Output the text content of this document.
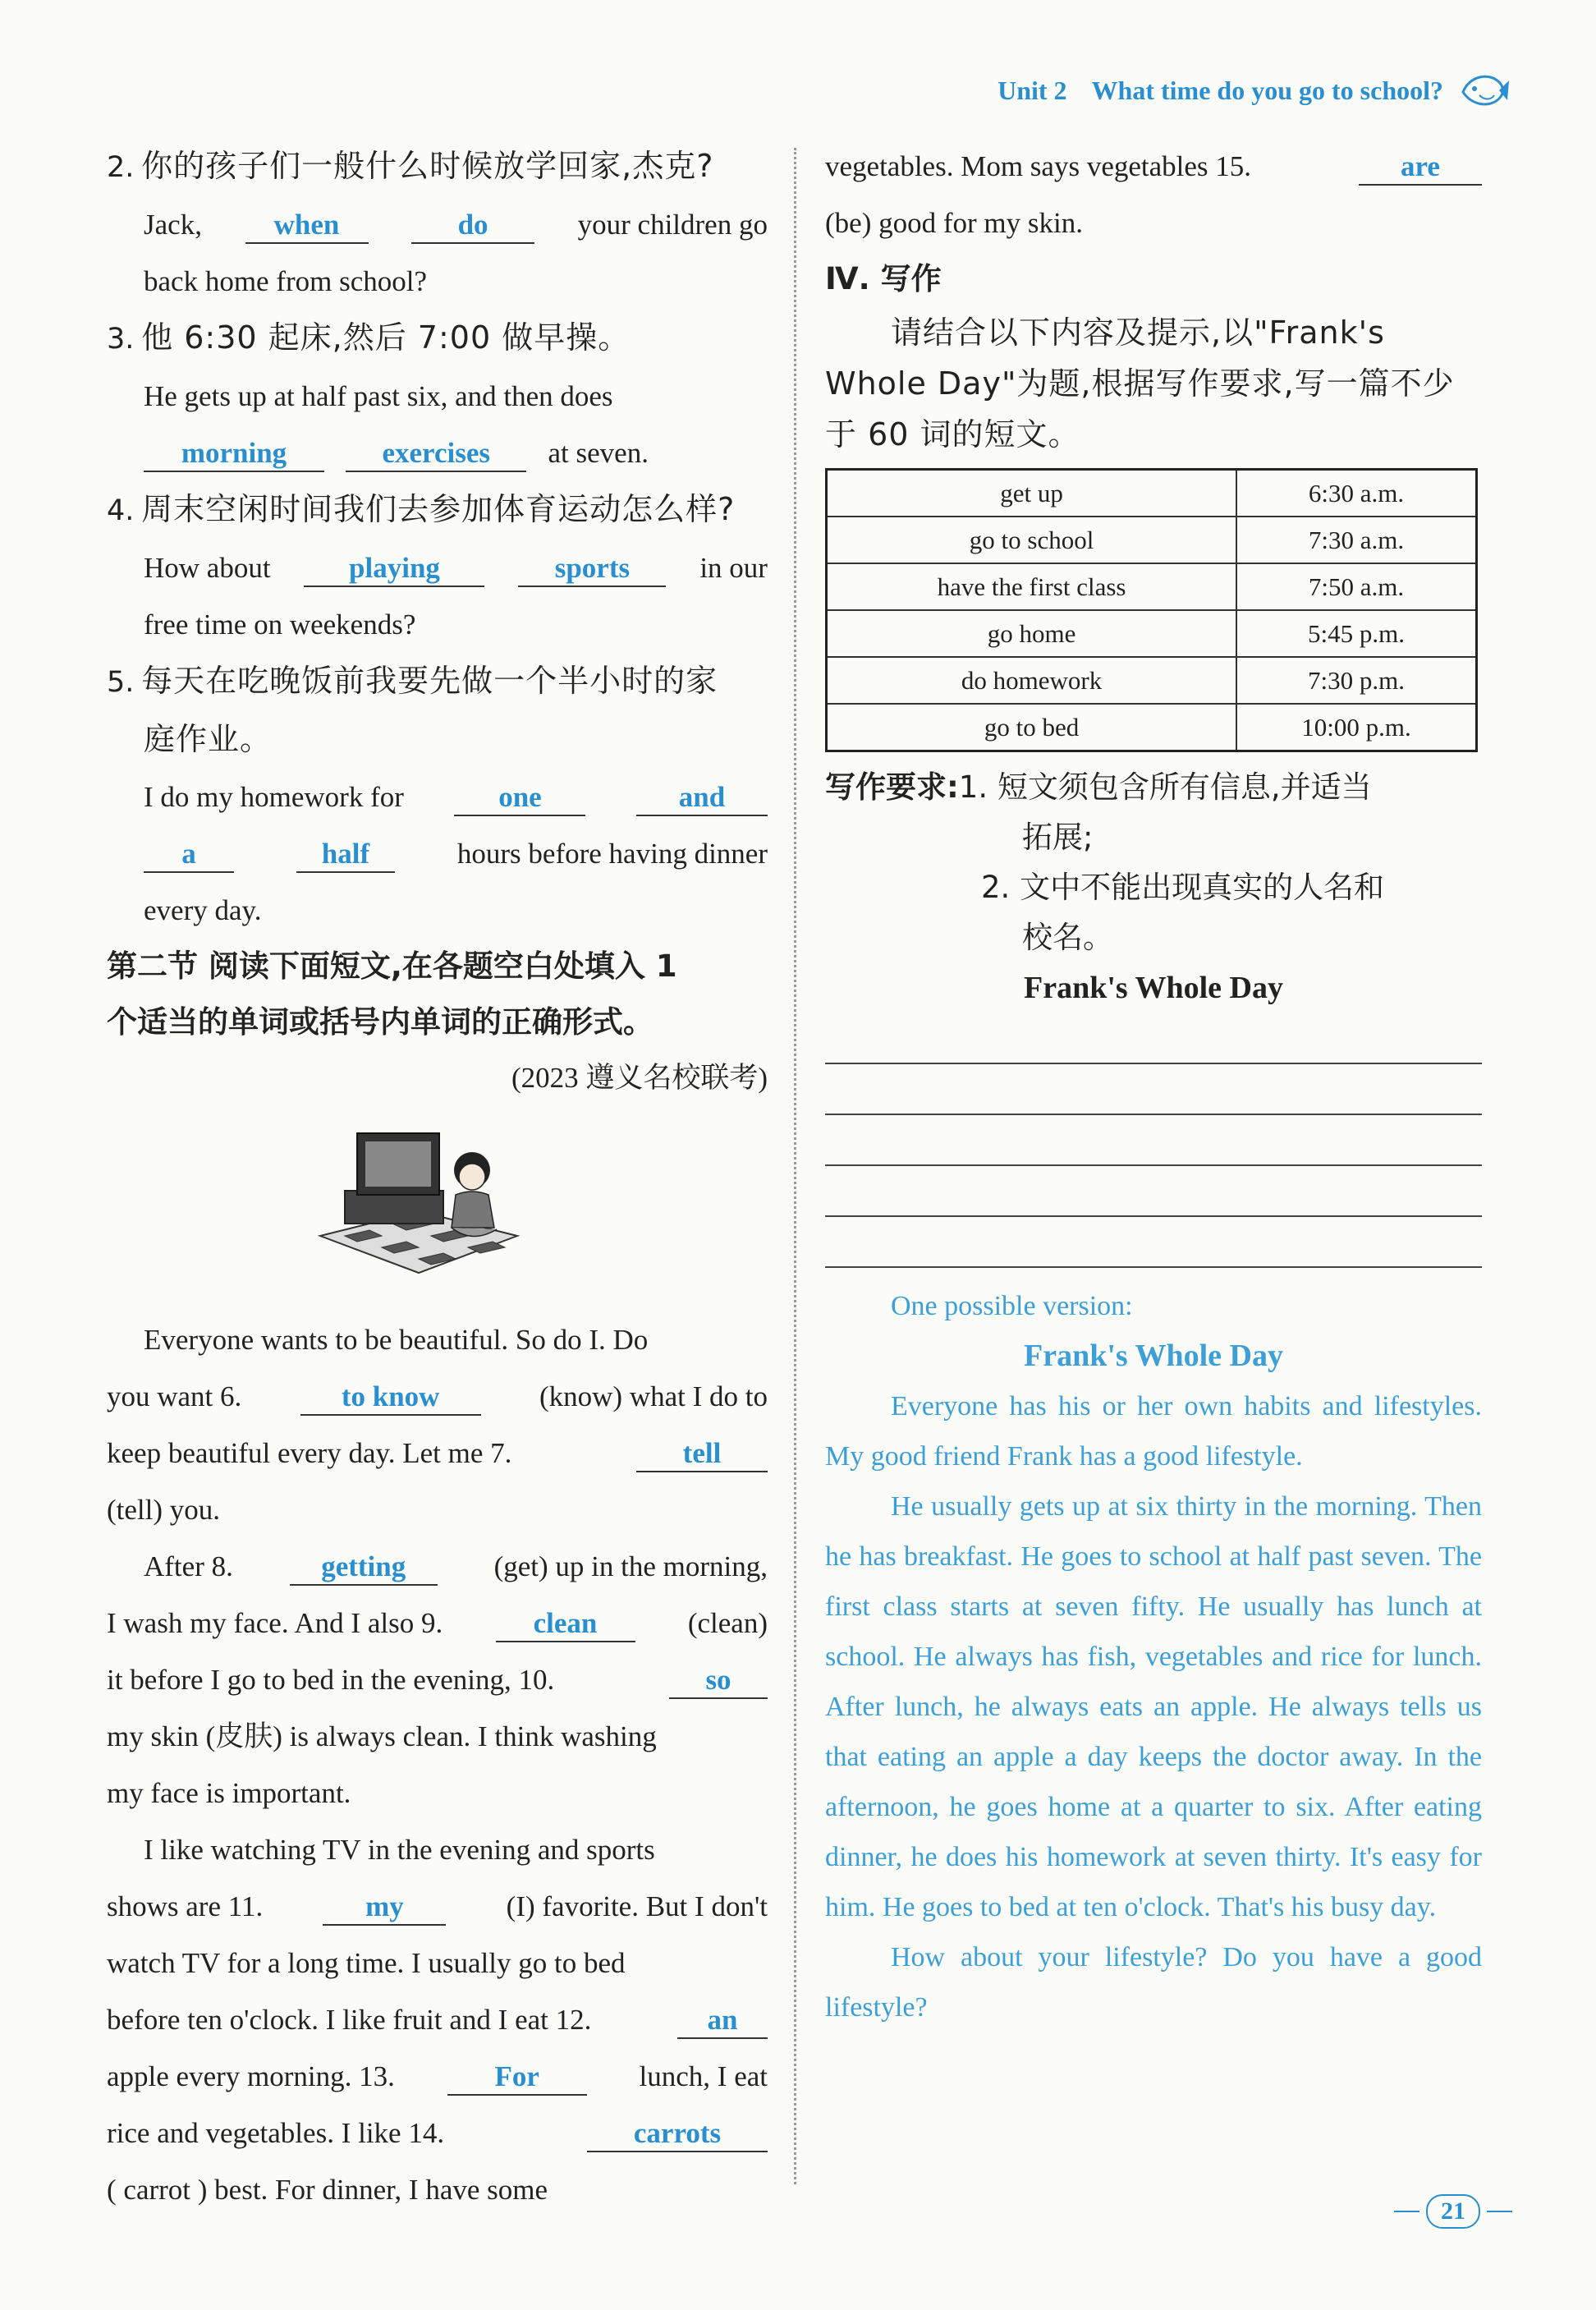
Unit 2 What time do you go to school?
2. 你的孩子们一般什么时候放学回家,杰克?
Jack,	when	do	your children go
back home from school?
3. 他 6:30 起床,然后 7:00 做早操。
He gets up at half past six, and then does
morning	exercises at seven.
4. 周末空闲时间我们去参加体育运动怎么样?
How about	playing	sports	in our
free time on weekends?
5. 每天在吃晚饭前我要先做一个半小时的家
庭作业。
I do my homework for	one	and
a	half	hours before having dinner
every day.
第二节 阅读下面短文,在各题空白处填入 1
个适当的单词或括号内单词的正确形式。
(2023 遵义名校联考)
Everyone wants to be beautiful. So do I. Do
you want 6.	to know	(know) what I do to
keep beautiful every day. Let me 7.	tell
(tell) you.
After 8.	getting	(get) up in the morning,
I wash my face. And I also 9.	clean	(clean)
it before I go to bed in the evening, 10.	so
my skin (皮肤) is always clean. I think washing
my face is important.
I like watching TV in the evening and sports
shows are 11.	my	(I) favorite. But I don't
watch TV for a long time. I usually go to bed
before ten o'clock. I like fruit and I eat 12.	an
apple every morning. 13.	For	lunch, I eat
rice and vegetables. I like 14.	carrots
( carrot ) best. For dinner, I have some
vegetables. Mom says vegetables 15.	are
(be) good for my skin.
Ⅳ. 写作
请结合以下内容及提示,以"Frank's
Whole Day"为题,根据写作要求,写一篇不少
于 60 词的短文。
get up	6:30 a.m.
go to school	7:30 a.m.
have the first class	7:50 a.m.
go home	5:45 p.m.
do homework	7:30 p.m.
go to bed	10:00 p.m.
写作要求:1. 短文须包含所有信息,并适当
拓展;
2. 文中不能出现真实的人名和
校名。
Frank's Whole Day
One possible version:
Frank's Whole Day
Everyone has his or her own habits and lifestyles. My good friend Frank has a good lifestyle.
He usually gets up at six thirty in the morning. Then he has breakfast. He goes to school at half past seven. The first class starts at seven fifty. He usually has lunch at school. He always has fish, vegetables and rice for lunch. After lunch, he always eats an apple. He always tells us that eating an apple a day keeps the doctor away. In the afternoon, he goes home at a quarter to six. After eating dinner, he does his homework at seven thirty. It's easy for him. He goes to bed at ten o'clock. That's his busy day.
How about your lifestyle? Do you have a good lifestyle?
21
